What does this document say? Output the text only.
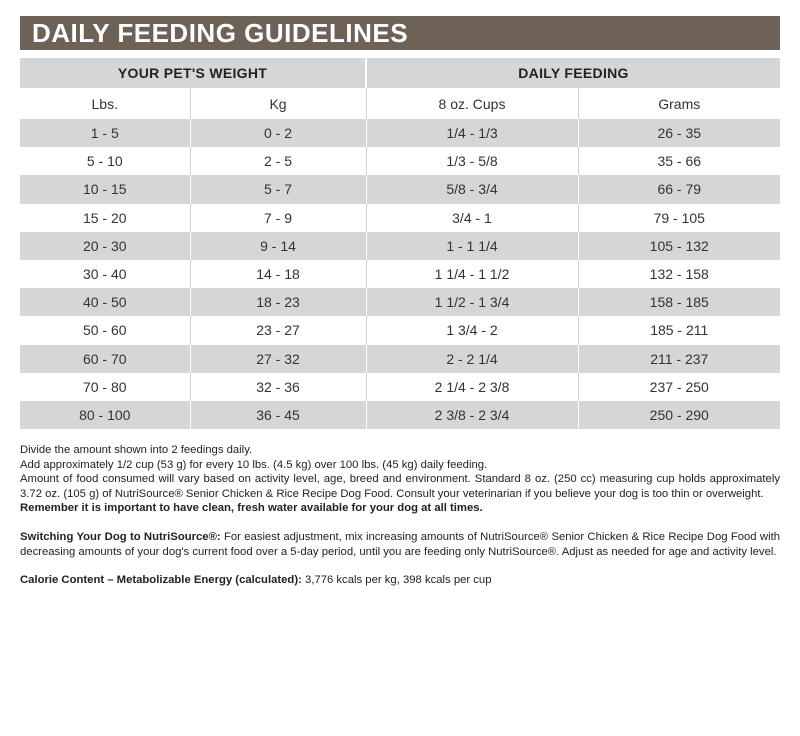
DAILY FEEDING GUIDELINES
YOUR PET'S WEIGHT		DAILY FEEDING	
Lbs.	Kg	8 oz. Cups	Grams
1 - 5	0 - 2	1/4 - 1/3	26 - 35
5 - 10	2 - 5	1/3 - 5/8	35 - 66
10 - 15	5 - 7	5/8 - 3/4	66 - 79
15 - 20	7 - 9	3/4 - 1	79 - 105
20 - 30	9 - 14	1 - 1 1/4	105 - 132
30 - 40	14 - 18	1 1/4 - 1 1/2	132 - 158
40 - 50	18 - 23	1 1/2 - 1 3/4	158 - 185
50 - 60	23 - 27	1 3/4 - 2	185 - 211
60 - 70	27 - 32	2 - 2 1/4	211 - 237
70 - 80	32 - 36	2 1/4 - 2 3/8	237 - 250
80 - 100	36 - 45	2 3/8 - 2 3/4	250 - 290

Divide the amount shown into 2 feedings daily.

Add approximately 1/2 cup (53 g) for every 10 lbs. (4.5 kg) over 100 lbs. (45 kg) daily feeding.

Amount of food consumed will vary based on activity level, age, breed and environment. Standard 8 oz. (250 cc) measuring cup holds approximately 3.72 oz. (105 g) of NutriSource® Senior Chicken & Rice Recipe Dog Food. Consult your veterinarian if you believe your dog is too thin or overweight.

Remember it is important to have clean, fresh water available for your dog at all times.

Switching Your Dog to NutriSource®: For easiest adjustment, mix increasing amounts of NutriSource® Senior Chicken & Rice Recipe Dog Food with decreasing amounts of your dog's current food over a 5-day period, until you are feeding only NutriSource®. Adjust as needed for age and activity level.

Calorie Content – Metabolizable Energy (calculated): 3,776 kcals per kg, 398 kcals per cup
